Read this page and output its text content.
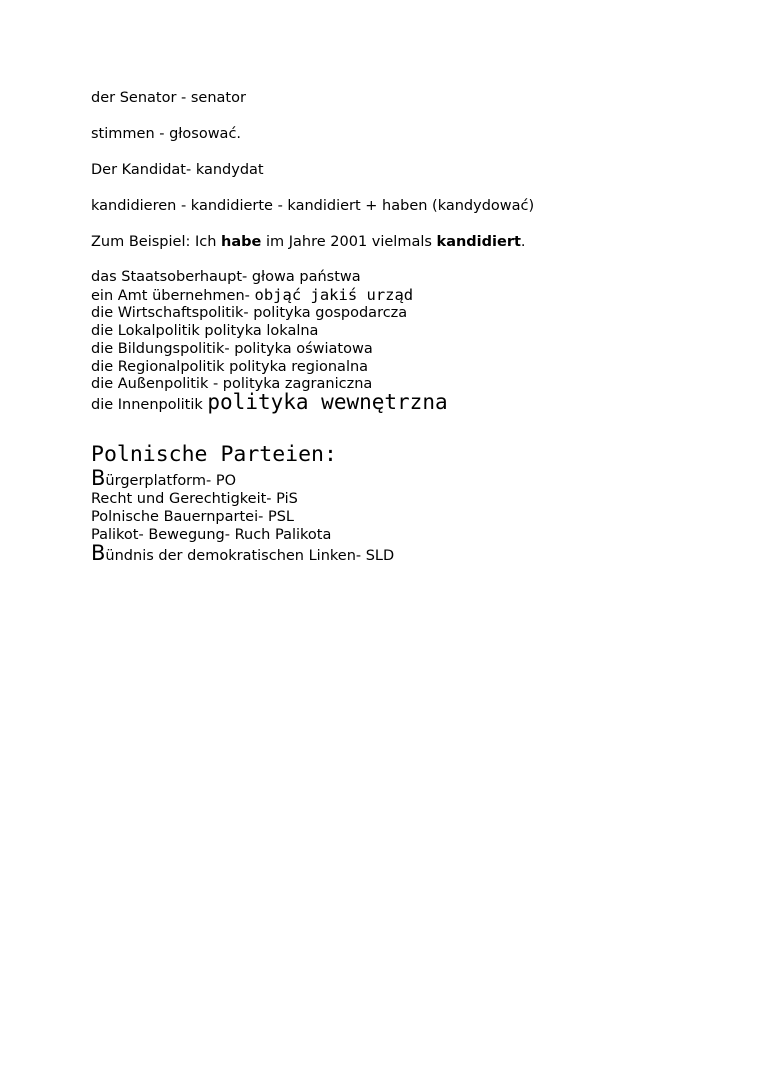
der Senator - senator
stimmen - głosować.
Der Kandidat- kandydat
kandidieren - kandidierte - kandidiert + haben (kandydować)
Zum Beispiel: Ich habe im Jahre 2001 vielmals kandidiert.
das Staatsoberhaupt- głowa państwa
ein Amt übernehmen- objąć jakiś urząd
die Wirtschaftspolitik- polityka gospodarcza
die Lokalpolitik polityka lokalna
die Bildungspolitik- polityka oświatowa
die Regionalpolitik polityka regionalna
die Außenpolitik - polityka zagraniczna
die Innenpolitik polityka wewnętrzna
Polnische Parteien:
Bürgerplatform- PO
Recht und Gerechtigkeit- PiS
Polnische Bauernpartei- PSL
Palikot- Bewegung- Ruch Palikota
Bündnis der demokratischen Linken- SLD
